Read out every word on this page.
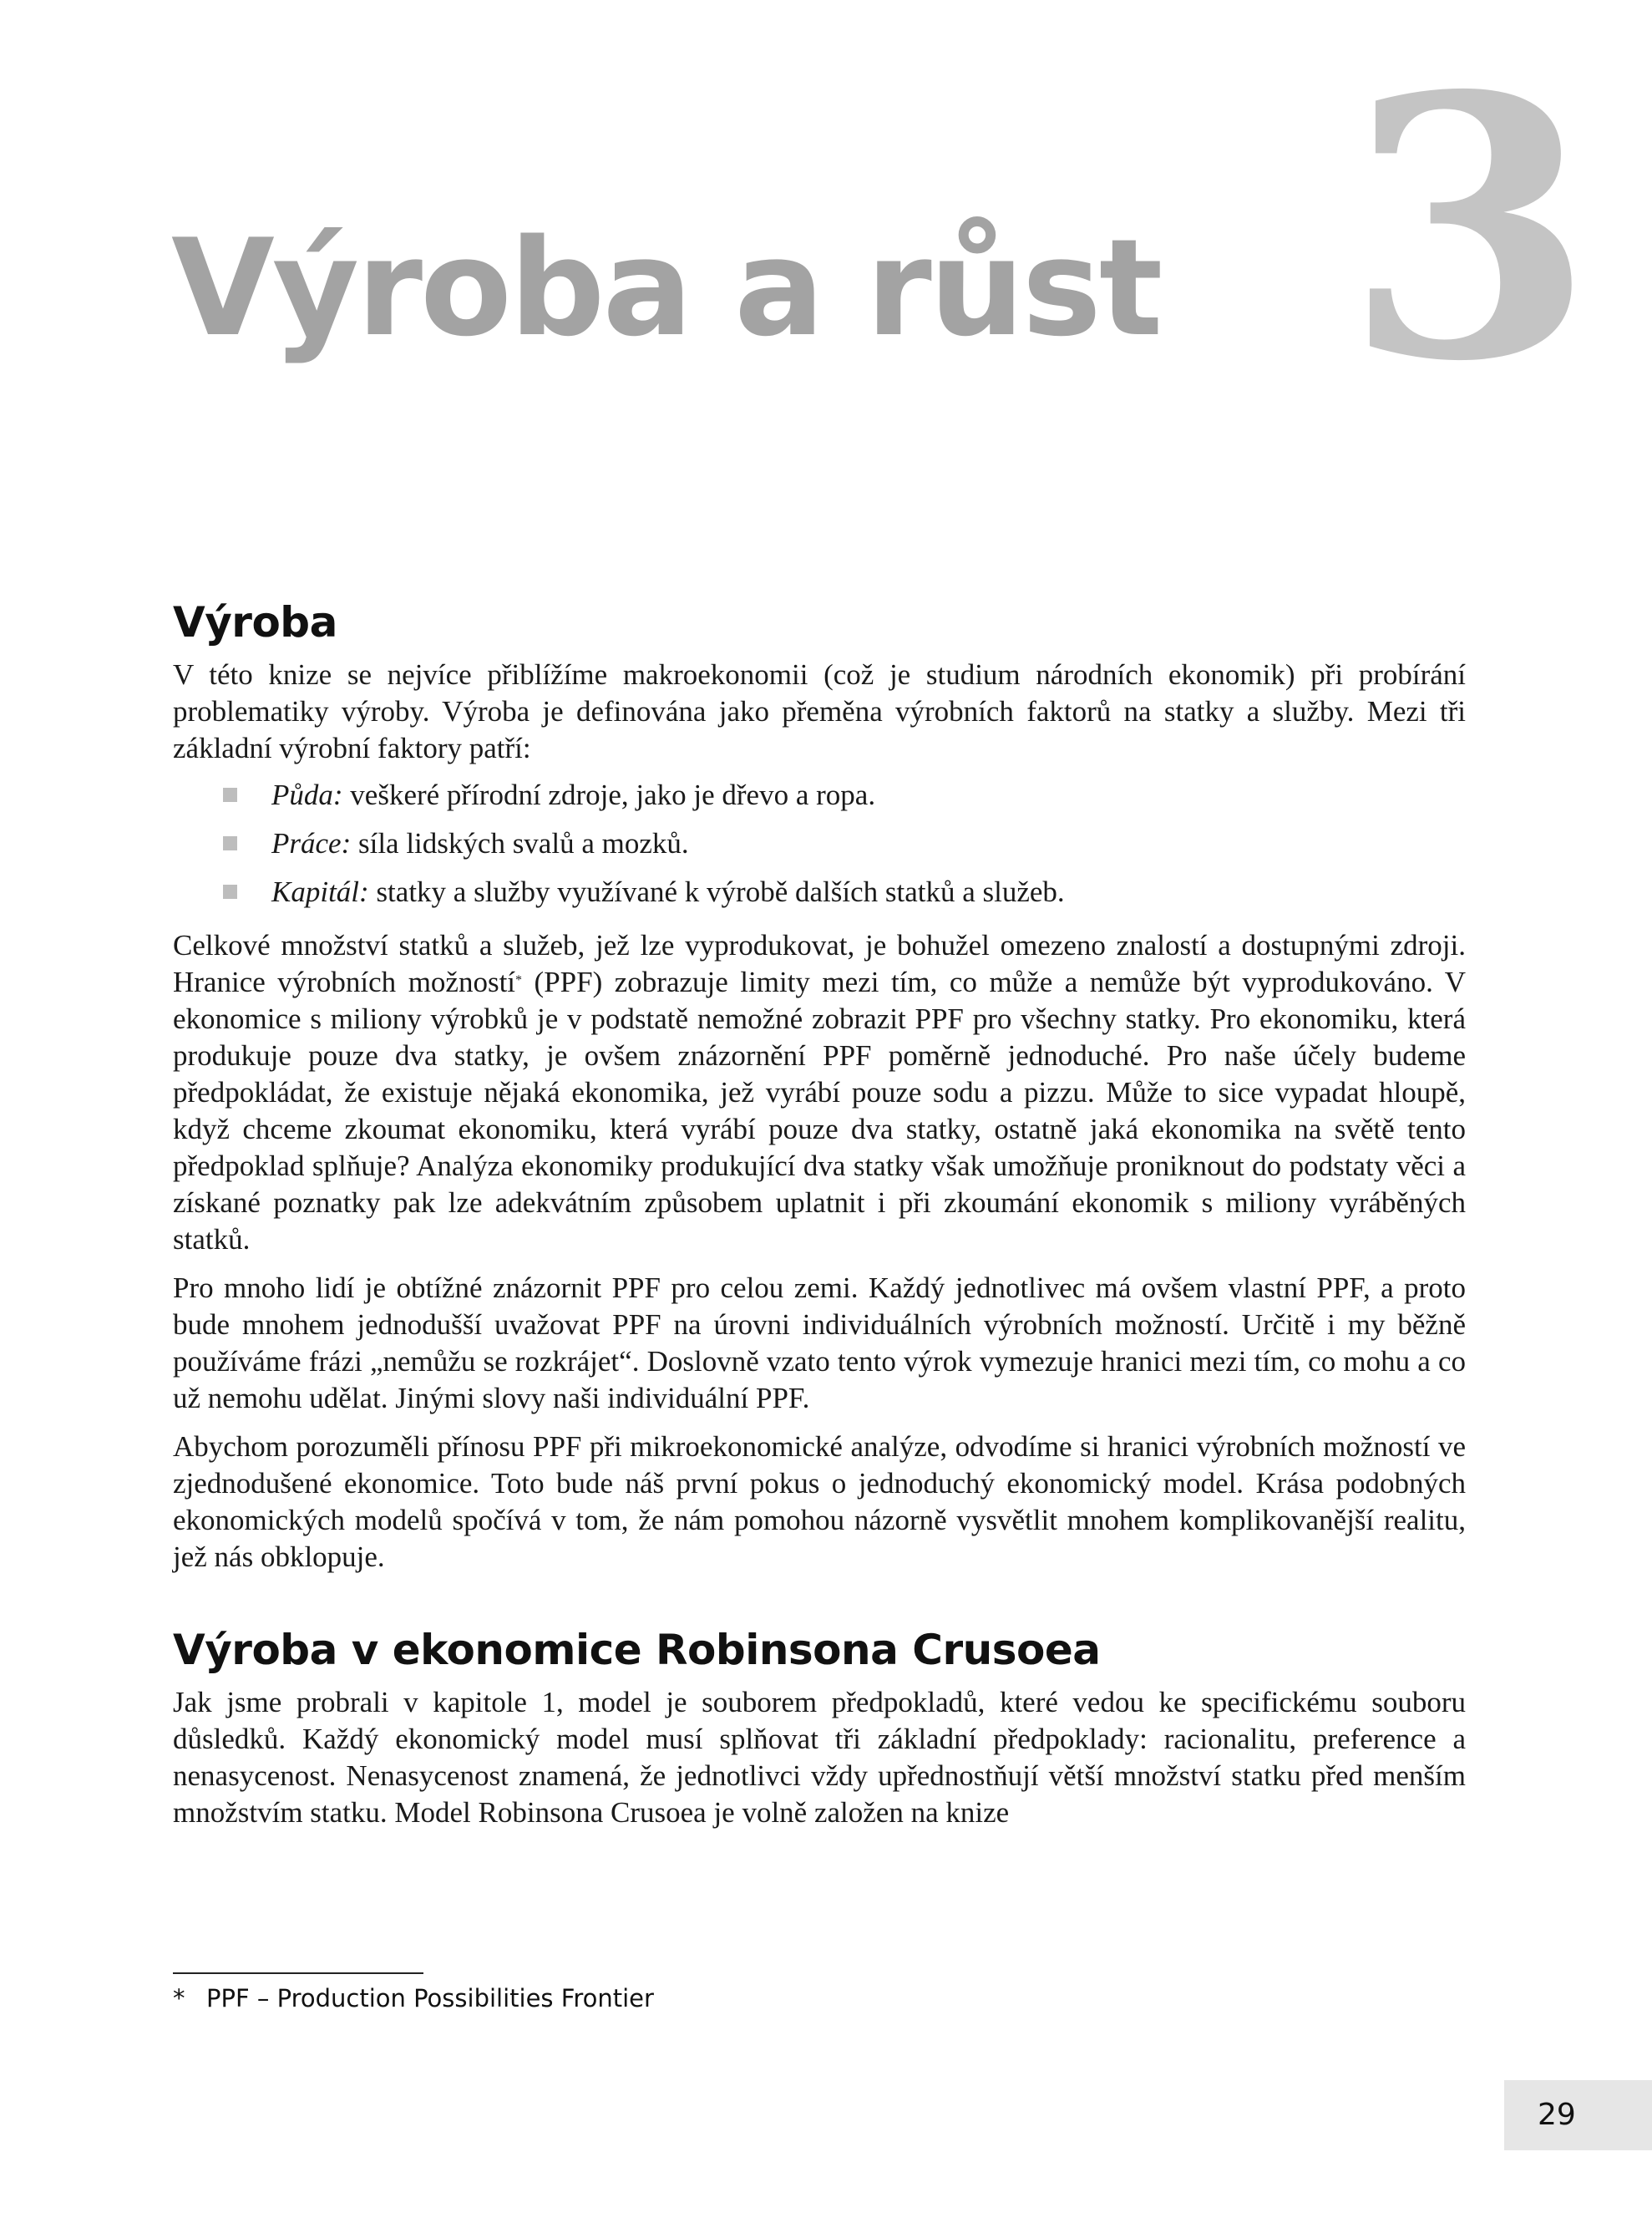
3
Výroba a růst
Výroba

V této knize se nejvíce přiblížíme makroekonomii (což je studium národních ekonomik) při probírání problematiky výroby. Výroba je definována jako přeměna výrobních faktorů na statky a služby. Mezi tři základní výrobní faktory patří:

Půda: veškeré přírodní zdroje, jako je dřevo a ropa.
Práce: síla lidských svalů a mozků.
Kapitál: statky a služby využívané k výrobě dalších statků a služeb.

Celkové množství statků a služeb, jež lze vyprodukovat, je bohužel omezeno znalostí a dostupnými zdroji. Hranice výrobních možností* (PPF) zobrazuje limity mezi tím, co může a nemůže být vyprodukováno. V ekonomice s miliony výrobků je v podstatě nemožné zobrazit PPF pro všechny statky. Pro ekonomiku, která produkuje pouze dva statky, je ovšem znázornění PPF poměrně jednoduché. Pro naše účely budeme předpokládat, že existuje nějaká ekonomika, jež vyrábí pouze sodu a pizzu. Může to sice vypadat hloupě, když chceme zkoumat ekonomiku, která vyrábí pouze dva statky, ostatně jaká ekonomika na světě tento předpoklad splňuje? Analýza ekonomiky produkující dva statky však umožňuje proniknout do podstaty věci a získané poznatky pak lze adekvátním způsobem uplatnit i při zkoumání ekonomik s miliony vyráběných statků.

Pro mnoho lidí je obtížné znázornit PPF pro celou zemi. Každý jednotlivec má ovšem vlastní PPF, a proto bude mnohem jednodušší uvažovat PPF na úrovni individuálních výrobních možností. Určitě i my běžně používáme frázi „nemůžu se rozkrájet“. Doslovně vzato tento výrok vymezuje hranici mezi tím, co mohu a co už nemohu udělat. Jinými slovy naši individuální PPF.

Abychom porozuměli přínosu PPF při mikroekonomické analýze, odvodíme si hranici výrobních možností ve zjednodušené ekonomice. Toto bude náš první pokus o jednoduchý ekonomický model. Krása podobných ekonomických modelů spočívá v tom, že nám pomohou názorně vysvětlit mnohem komplikovanější realitu, jež nás obklopuje.

Výroba v ekonomice Robinsona Crusoea

Jak jsme probrali v kapitole 1, model je souborem předpokladů, které vedou ke specifickému souboru důsledků. Každý ekonomický model musí splňovat tři základní předpoklady: racionalitu, preference a nenasycenost. Nenasycenost znamená, že jednotlivci vždy upřednostňují větší množství statku před menším množstvím statku. Model Robinsona Crusoea je volně založen na knize

* PPF – Production Possibilities Frontier
29
